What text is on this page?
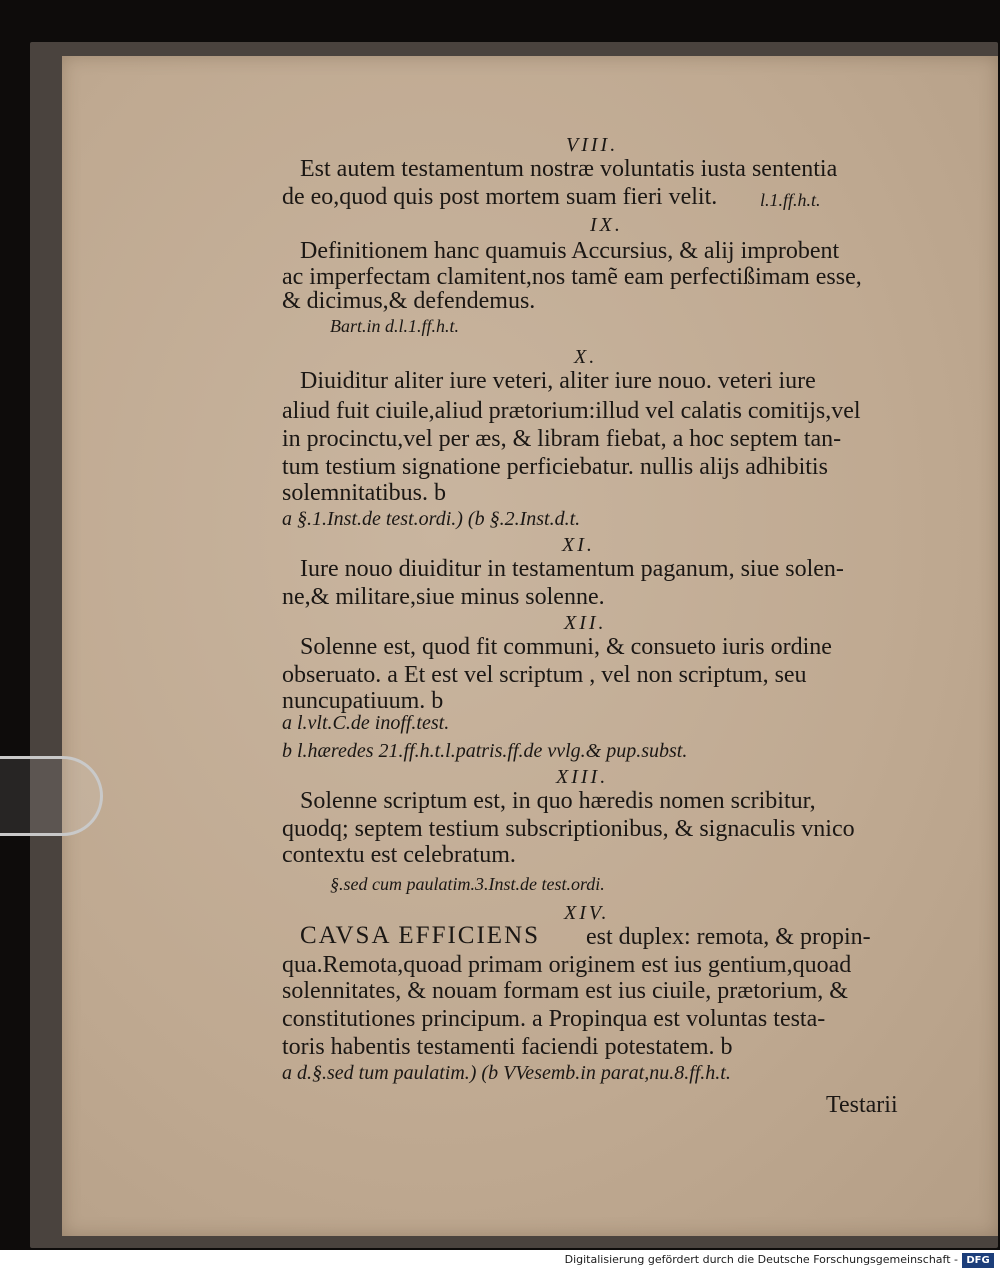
VIII.
Est autem testamentum nostræ voluntatis iusta sententia
de eo,quod quis post mortem suam fieri velit. l.1.ff.h.t.
IX.
Definitionem hanc quamuis Accursius, & alij improbent
ac imperfectam clamitent,nos tamẽ eam perfectißimam esse,
& dicimus,& defendemus.
Bart.in d.l.1.ff.h.t.
X.
Diuiditur aliter iure veteri, aliter iure nouo. veteri iure
aliud fuit ciuile,aliud prætorium:illud vel calatis comitijs,vel
in procinctu,vel per æs, & libram fiebat, a hoc septem tan-
tum testium signatione perficiebatur. nullis alijs adhibitis
solemnitatibus. b
a §.1.Inst.de test.ordi.) (b §.2.Inst.d.t.
XI.
Iure nouo diuiditur in testamentum paganum, siue solen-
ne,& militare,siue minus solenne.
XII.
Solenne est, quod fit communi, & consueto iuris ordine
obseruato. a Et est vel scriptum , vel non scriptum, seu
nuncupatiuum. b
a l.vlt.C.de inoff.test.
b l.hæredes 21.ff.h.t.l.patris.ff.de vvlg.& pup.subst.
XIII.
Solenne scriptum est, in quo hæredis nomen scribitur,
quodq; septem testium subscriptionibus, & signaculis vnico
contextu est celebratum.
§.sed cum paulatim.3.Inst.de test.ordi.
XIV.
CAVSA EFFICIENS est duplex: remota, & propin-
qua.Remota,quoad primam originem est ius gentium,quoad
solennitates, & nouam formam est ius ciuile, prætorium, &
constitutiones principum. a Propinqua est voluntas testa-
toris habentis testamenti faciendi potestatem. b
a d.§.sed tum paulatim.) (b VVesemb.in parat,nu.8.ff.h.t.
Testarii
Digitalisierung gefördert durch die Deutsche Forschungsgemeinschaft - DFG
